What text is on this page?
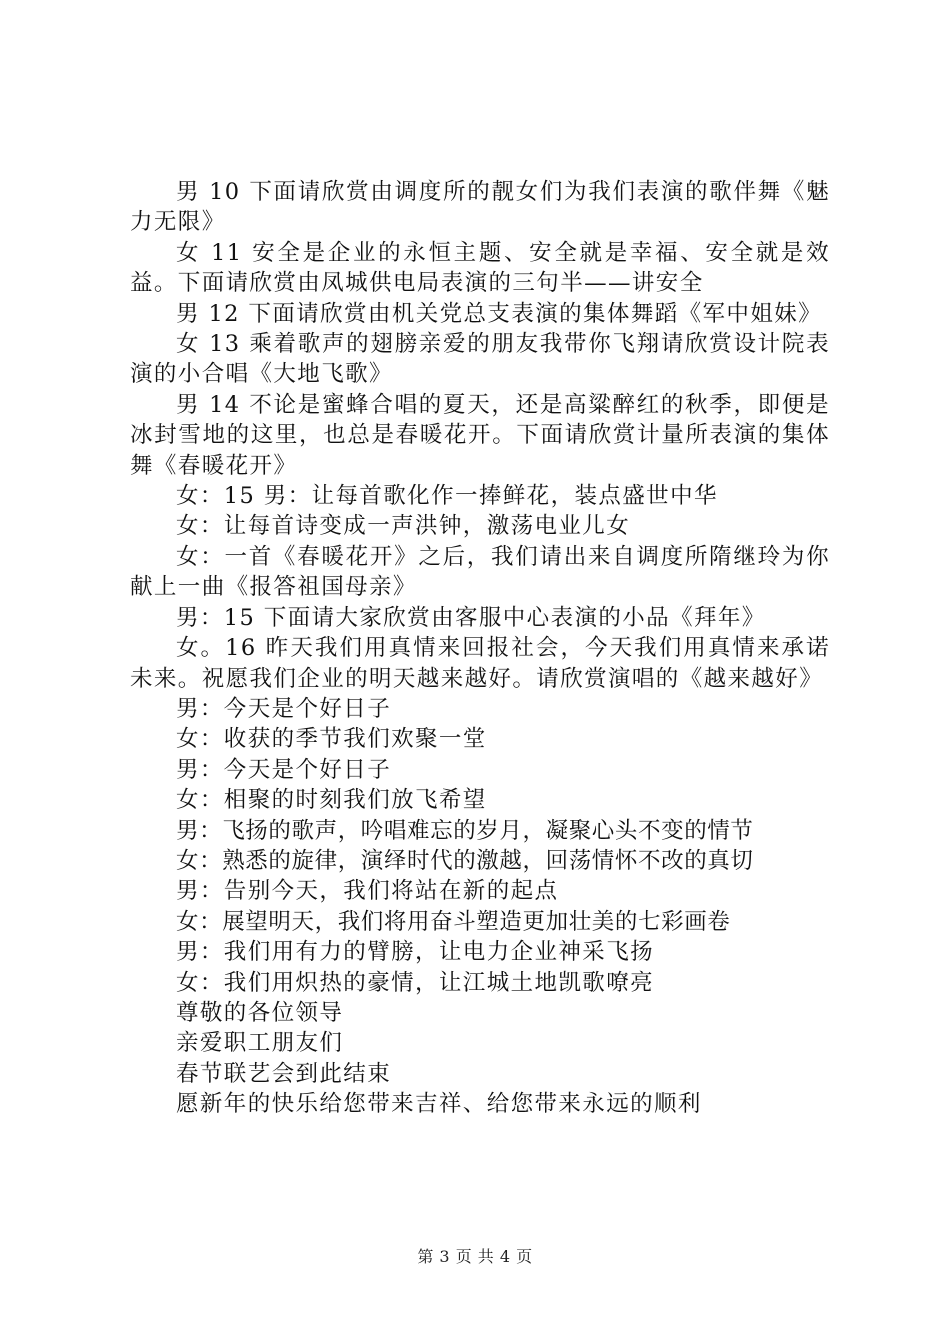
男 10 下面请欣赏由调度所的靓女们为我们表演的歌伴舞《魅力无限》

女 11 安全是企业的永恒主题、安全就是幸福、安全就是效益。下面请欣赏由凤城供电局表演的三句半——讲安全

男 12 下面请欣赏由机关党总支表演的集体舞蹈《军中姐妹》

女 13 乘着歌声的翅膀亲爱的朋友我带你飞翔请欣赏设计院表演的小合唱《大地飞歌》

男 14 不论是蜜蜂合唱的夏天，还是高粱醉红的秋季，即便是冰封雪地的这里，也总是春暖花开。下面请欣赏计量所表演的集体舞《春暖花开》

女：15 男：让每首歌化作一捧鲜花，装点盛世中华

女：让每首诗变成一声洪钟，激荡电业儿女

女：一首《春暖花开》之后，我们请出来自调度所隋继玲为你献上一曲《报答祖国母亲》

男：15 下面请大家欣赏由客服中心表演的小品《拜年》

女。16 昨天我们用真情来回报社会，今天我们用真情来承诺未来。祝愿我们企业的明天越来越好。请欣赏演唱的《越来越好》

男：今天是个好日子

女：收获的季节我们欢聚一堂

男：今天是个好日子

女：相聚的时刻我们放飞希望

男：飞扬的歌声，吟唱难忘的岁月，凝聚心头不变的情节

女：熟悉的旋律，演绎时代的激越，回荡情怀不改的真切

男：告别今天，我们将站在新的起点

女：展望明天，我们将用奋斗塑造更加壮美的七彩画卷

男：我们用有力的臂膀，让电力企业神采飞扬

女：我们用炽热的豪情，让江城土地凯歌嘹亮

尊敬的各位领导

亲爱职工朋友们

春节联艺会到此结束

愿新年的快乐给您带来吉祥、给您带来永远的顺利

第 3 页 共 4 页
